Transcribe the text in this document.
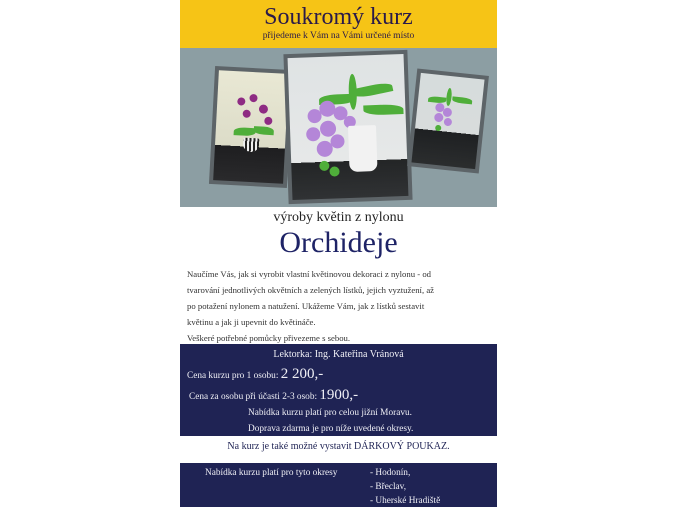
Soukromý kurz
přijedeme k Vám na Vámi určené místo
výroby květin z nylonu
Orchideje
Naučíme Vás, jak si vyrobit vlastní květinovou dekoraci z nylonu - od
tvarování jednotlivých okvětních a zelených lístků, jejich vyztužení, až
po potažení nylonem a natužení. Ukážeme Vám, jak z lístků sestavit
květinu a jak ji upevnit do květináče.
Veškeré potřebné pomůcky přivezeme s sebou.
Lektorka: Ing. Kateřina Vránová
Cena kurzu pro 1 osobu: 2 200,-
Cena za osobu při účasti 2-3 osob: 1900,-
Nabídka kurzu platí pro celou jižní Moravu.
Doprava zdarma je pro níže uvedené okresy.
Na kurz je také možné vystavit DÁRKOVÝ POUKAZ.
Nabídka kurzu platí pro tyto okresy	- Hodonín,
- Břeclav,
- Uherské Hradiště
